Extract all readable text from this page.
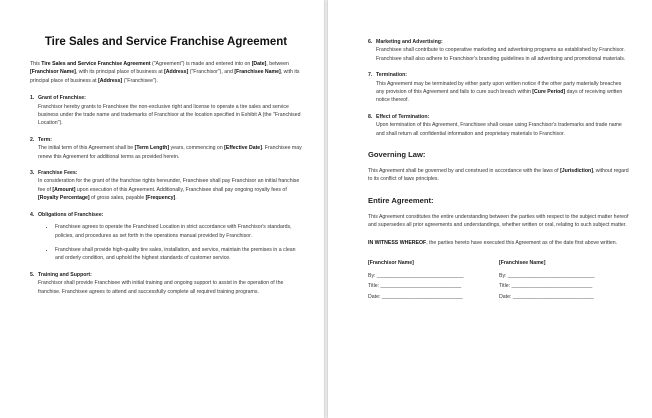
Tire Sales and Service Franchise Agreement

This Tire Sales and Service Franchise Agreement ("Agreement") is made and entered into on [Date], between [Franchisor Name], with its principal place of business at [Address] ("Franchisor"), and [Franchisee Name], with its principal place of business at [Address] ("Franchisee").

1. Grant of Franchise:

Franchisor hereby grants to Franchisee the non-exclusive right and license to operate a tire sales and service business under the trade name and trademarks of Franchisor at the location specified in Exhibit A (the "Franchised Location").

2. Term:

The initial term of this Agreement shall be [Term Length] years, commencing on [Effective Date]. Franchisee may renew this Agreement for additional terms as provided herein.

3. Franchise Fees:

In consideration for the grant of the franchise rights hereunder, Franchisee shall pay Franchisor an initial franchise fee of [Amount] upon execution of this Agreement. Additionally, Franchisee shall pay ongoing royalty fees of [Royalty Percentage] of gross sales, payable [Frequency].

4. Obligations of Franchisee:

• Franchisee agrees to operate the Franchised Location in strict accordance with Franchisor's standards, policies, and procedures as set forth in the operations manual provided by Franchisor.
• Franchisee shall provide high-quality tire sales, installation, and service, maintain the premises in a clean and orderly condition, and uphold the highest standards of customer service.
5. Training and Support:

Franchisor shall provide Franchisee with initial training and ongoing support to assist in the operation of the franchise. Franchisee agrees to attend and successfully complete all required training programs.

6. Marketing and Advertising:

Franchisee shall contribute to cooperative marketing and advertising programs as established by Franchisor. Franchisee shall also adhere to Franchisor's branding guidelines in all advertising and promotional materials.

7. Termination:

This Agreement may be terminated by either party upon written notice if the other party materially breaches any provision of this Agreement and fails to cure such breach within [Cure Period] days of receiving written notice thereof.

8. Effect of Termination:

Upon termination of this Agreement, Franchisee shall cease using Franchisor's trademarks and trade name and shall return all confidential information and proprietary materials to Franchisor.

Governing Law:

This Agreement shall be governed by and construed in accordance with the laws of [Jurisdiction], without regard to its conflict of laws principles.

Entire Agreement:

This Agreement constitutes the entire understanding between the parties with respect to the subject matter hereof and supersedes all prior agreements and understandings, whether written or oral, relating to such subject matter.

IN WITNESS WHEREOF, the parties hereto have executed this Agreement as of the date first above written.

[Franchisor Name]
By: ______________________________
Title: ____________________________
Date: ____________________________
[Franchisee Name]
By: ______________________________
Title: ____________________________
Date: ____________________________
